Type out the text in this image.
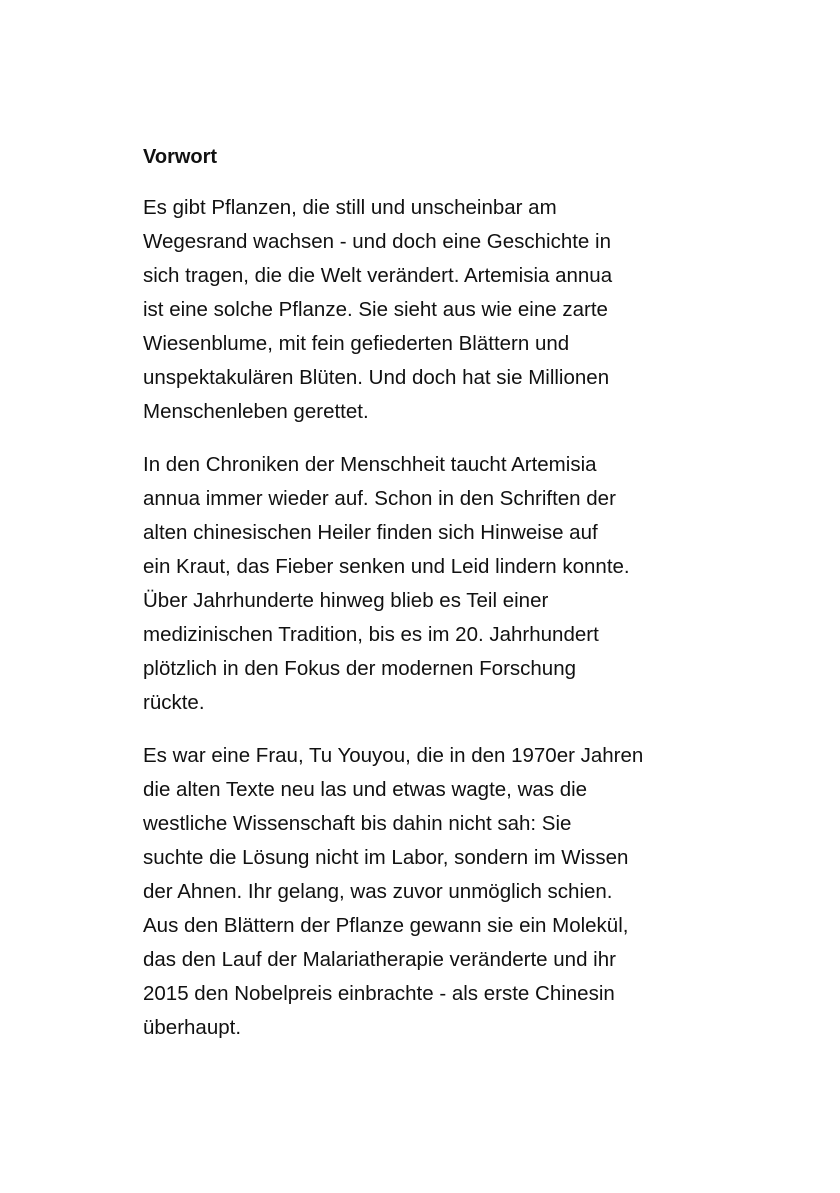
Vorwort

Es gibt Pflanzen, die still und unscheinbar am
Wegesrand wachsen - und doch eine Geschichte in
sich tragen, die die Welt verändert. Artemisia annua
ist eine solche Pflanze. Sie sieht aus wie eine zarte
Wiesenblume, mit fein gefiederten Blättern und
unspektakulären Blüten. Und doch hat sie Millionen
Menschenleben gerettet.

In den Chroniken der Menschheit taucht Artemisia
annua immer wieder auf. Schon in den Schriften der
alten chinesischen Heiler finden sich Hinweise auf
ein Kraut, das Fieber senken und Leid lindern konnte.
Über Jahrhunderte hinweg blieb es Teil einer
medizinischen Tradition, bis es im 20. Jahrhundert
plötzlich in den Fokus der modernen Forschung
rückte.

Es war eine Frau, Tu Youyou, die in den 1970er Jahren
die alten Texte neu las und etwas wagte, was die
westliche Wissenschaft bis dahin nicht sah: Sie
suchte die Lösung nicht im Labor, sondern im Wissen
der Ahnen. Ihr gelang, was zuvor unmöglich schien.
Aus den Blättern der Pflanze gewann sie ein Molekül,
das den Lauf der Malariatherapie veränderte und ihr
2015 den Nobelpreis einbrachte - als erste Chinesin
überhaupt.
